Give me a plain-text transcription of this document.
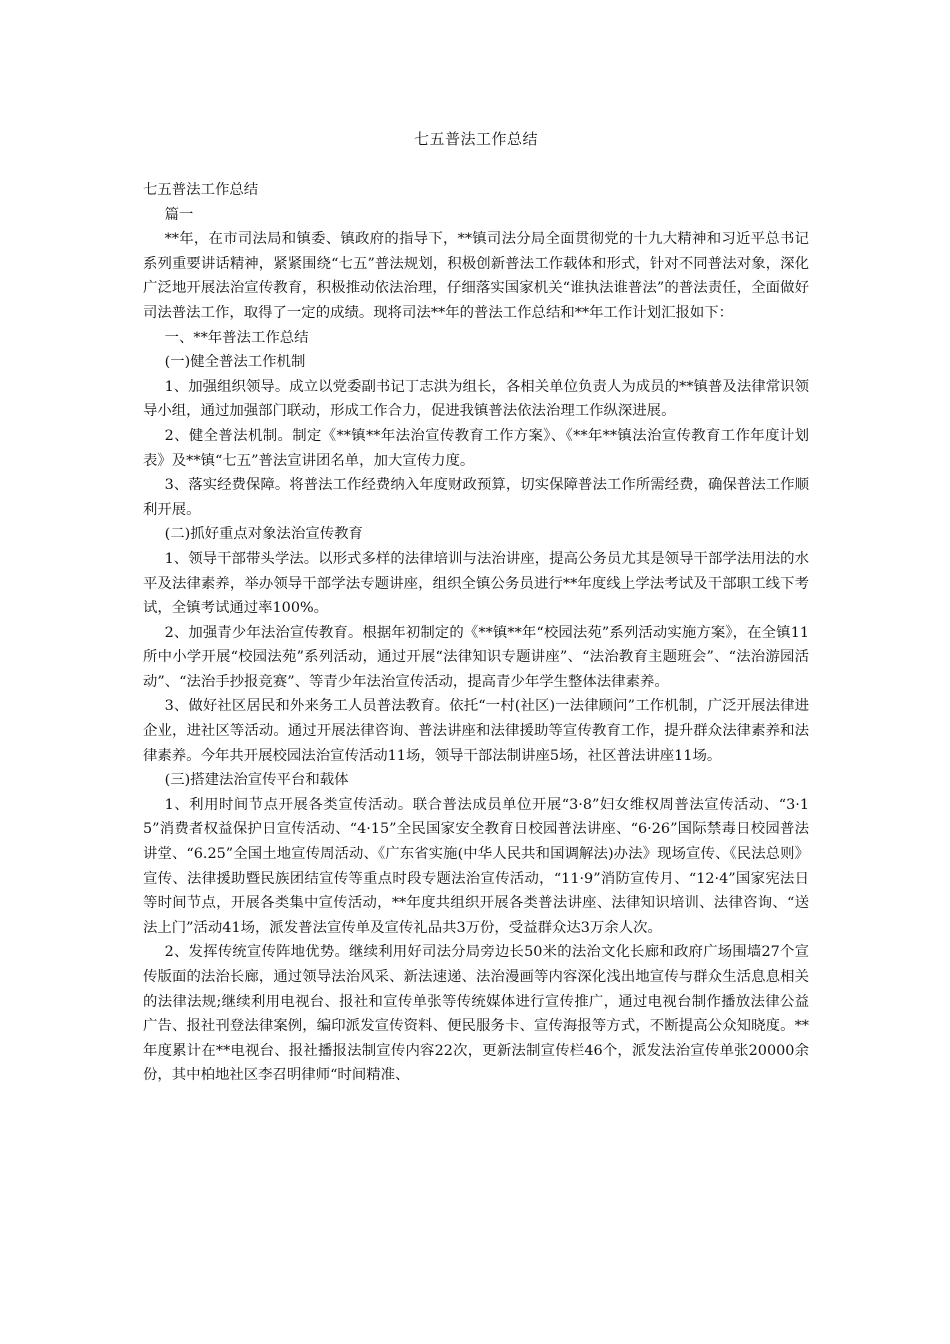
七五普法工作总结

七五普法工作总结

篇一

**年，在市司法局和镇委、镇政府的指导下，**镇司法分局全面贯彻党的十九大精神和习近平总书记系列重要讲话精神，紧紧围绕“七五”普法规划，积极创新普法工作载体和形式，针对不同普法对象，深化广泛地开展法治宣传教育，积极推动依法治理，仔细落实国家机关“谁执法谁普法”的普法责任，全面做好司法普法工作，取得了一定的成绩。现将司法**年的普法工作总结和**年工作计划汇报如下：

一、**年普法工作总结

(一)健全普法工作机制

1、加强组织领导。成立以党委副书记丁志洪为组长，各相关单位负责人为成员的**镇普及法律常识领导小组，通过加强部门联动，形成工作合力，促进我镇普法依法治理工作纵深进展。

2、健全普法机制。制定《**镇**年法治宣传教育工作方案》、《**年**镇法治宣传教育工作年度计划表》及**镇“七五”普法宣讲团名单，加大宣传力度。

3、落实经费保障。将普法工作经费纳入年度财政预算，切实保障普法工作所需经费，确保普法工作顺利开展。

(二)抓好重点对象法治宣传教育

1、领导干部带头学法。以形式多样的法律培训与法治讲座，提高公务员尤其是领导干部学法用法的水平及法律素养，举办领导干部学法专题讲座，组织全镇公务员进行**年度线上学法考试及干部职工线下考试，全镇考试通过率100%。

2、加强青少年法治宣传教育。根据年初制定的《**镇**年“校园法苑”系列活动实施方案》，在全镇11所中小学开展“校园法苑”系列活动，通过开展“法律知识专题讲座”、“法治教育主题班会”、“法治游园活动”、“法治手抄报竞赛”、等青少年法治宣传活动，提高青少年学生整体法律素养。

3、做好社区居民和外来务工人员普法教育。依托“一村(社区)一法律顾问”工作机制，广泛开展法律进企业，进社区等活动。通过开展法律咨询、普法讲座和法律援助等宣传教育工作，提升群众法律素养和法律素养。今年共开展校园法治宣传活动11场，领导干部法制讲座5场，社区普法讲座11场。

(三)搭建法治宣传平台和载体

1、利用时间节点开展各类宣传活动。联合普法成员单位开展“3·8”妇女维权周普法宣传活动、“3·15”消费者权益保护日宣传活动、“4·15”全民国家安全教育日校园普法讲座、“6·26”国际禁毒日校园普法讲堂、“6.25”全国土地宣传周活动、《广东省实施(中华人民共和国调解法)办法》现场宣传、《民法总则》宣传、法律援助暨民族团结宣传等重点时段专题法治宣传活动，“11·9”消防宣传月、“12·4”国家宪法日等时间节点，开展各类集中宣传活动，**年度共组织开展各类普法讲座、法律知识培训、法律咨询、“送法上门”活动41场，派发普法宣传单及宣传礼品共3万份，受益群众达3万余人次。

2、发挥传统宣传阵地优势。继续利用好司法分局旁边长50米的法治文化长廊和政府广场围墙27个宣传版面的法治长廊，通过领导法治风采、新法速递、法治漫画等内容深化浅出地宣传与群众生活息息相关的法律法规;继续利用电视台、报社和宣传单张等传统媒体进行宣传推广，通过电视台制作播放法律公益广告、报社刊登法律案例，编印派发宣传资料、便民服务卡、宣传海报等方式，不断提高公众知晓度。**年度累计在**电视台、报社播报法制宣传内容22次，更新法制宣传栏46个，派发法治宣传单张20000余份，其中柏地社区李召明律师“时间精准、
